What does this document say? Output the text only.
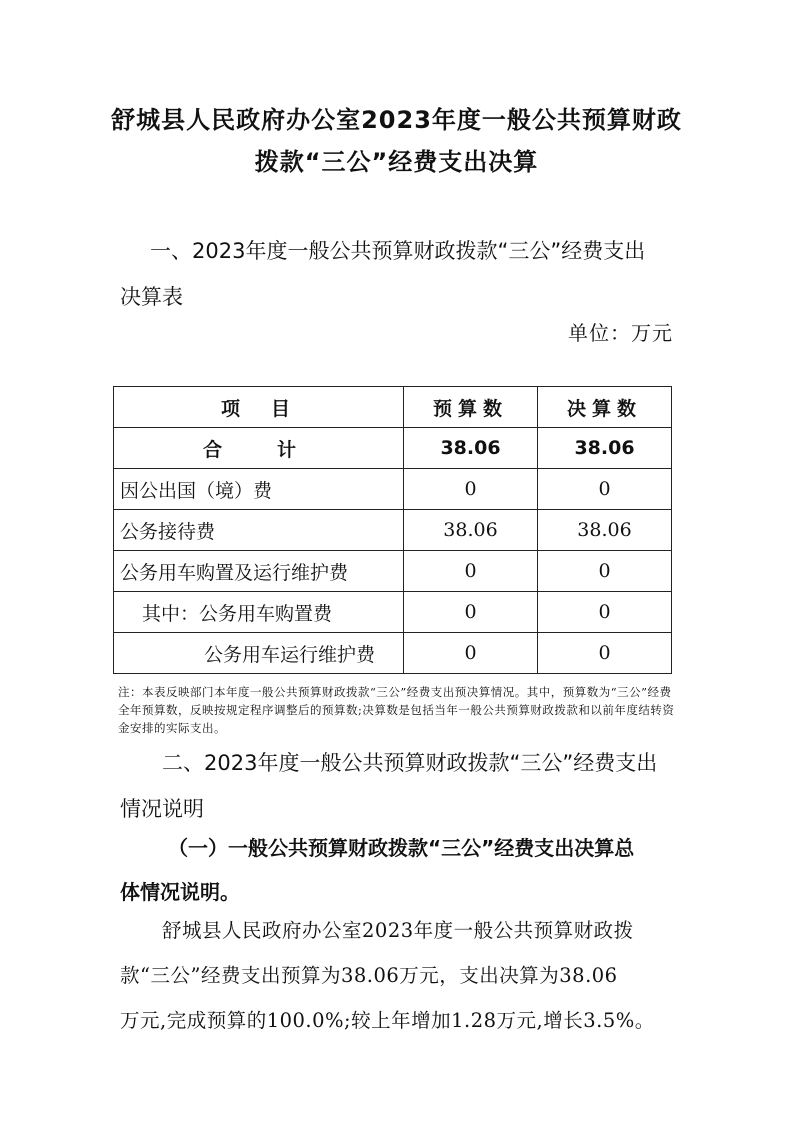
舒城县人民政府办公室2023年度一般公共预算财政
拨款“三公”经费支出决算

一、2023年度一般公共预算财政拨款“三公”经费支出
决算表

单位：万元
项　目	预算数	决算数
合　计	38.06	38.06
因公出国（境）费	0	0
公务接待费	38.06	38.06
公务用车购置及运行维护费	0	0
其中：公务用车购置费	0	0
公务用车运行维护费	0	0

注：本表反映部门本年度一般公共预算财政拨款“三公”经费支出预决算情况。其中，预算数为“三公”经费全年预算数，反映按规定程序调整后的预算数;决算数是包括当年一般公共预算财政拨款和以前年度结转资金安排的实际支出。

二、2023年度一般公共预算财政拨款“三公”经费支出
情况说明

（一）一般公共预算财政拨款“三公”经费支出决算总
体情况说明。

舒城县人民政府办公室2023年度一般公共预算财政拨
款“三公”经费支出预算为38.06万元，支出决算为38.06
万元,完成预算的100.0%;较上年增加1.28万元,增长3.5%。
